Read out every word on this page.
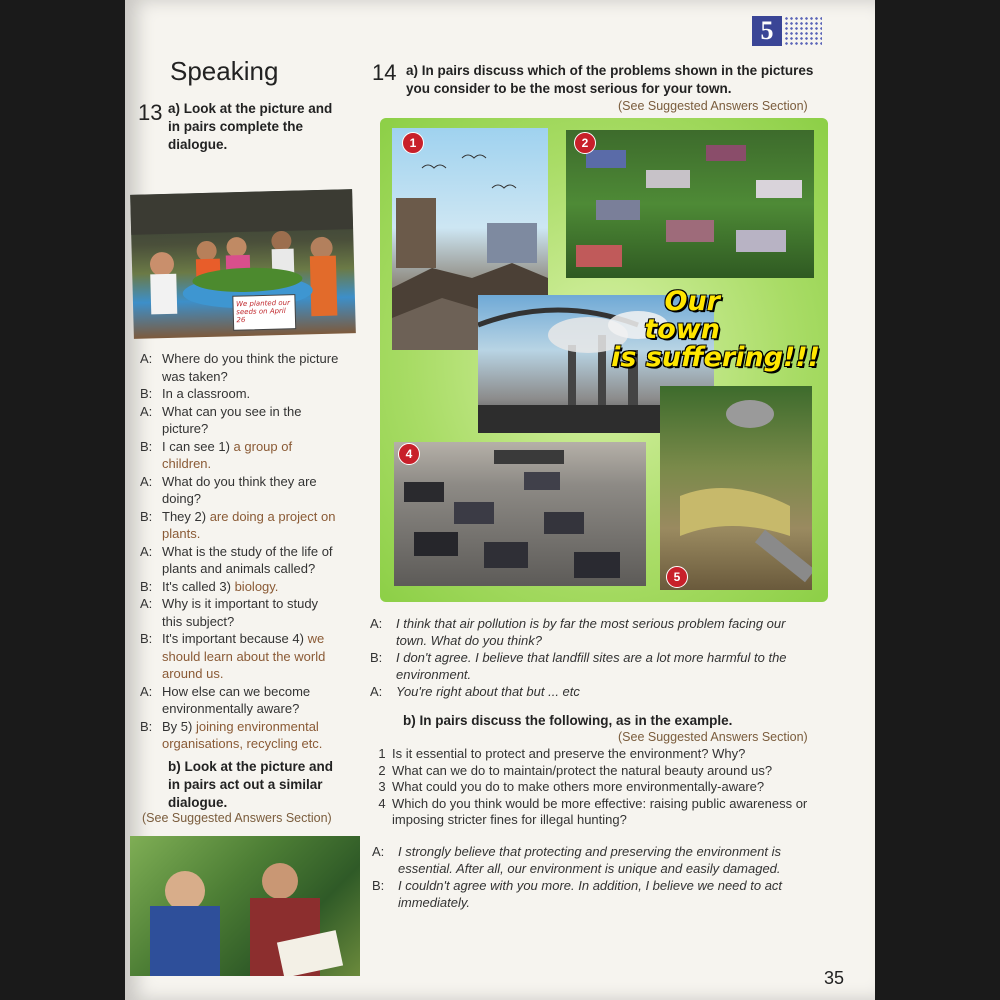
5
Speaking
13 a) Look at the picture and in pairs complete the dialogue.
We planted our seeds on April 26
A: Where do you think the picture was taken?
B: In a classroom.
A: What can you see in the picture?
B: I can see 1) a group of children.
A: What do you think they are doing?
B: They 2) are doing a project on plants.
A: What is the study of the life of plants and animals called?
B: It's called 3) biology.
A: Why is it important to study this subject?
B: It's important because 4) we should learn about the world around us.
A: How else can we become environmentally aware?
B: By 5) joining environmental organisations, recycling etc.
b) Look at the picture and in pairs act out a similar dialogue.
(See Suggested Answers Section)
14 a) In pairs discuss which of the problems shown in the pictures you consider to be the most serious for your town.
(See Suggested Answers Section)
1	2
Our town
is suffering!!!
4
5
A:	I think that air pollution is by far the most serious problem facing our town. What do you think?
B:	I don't agree. I believe that landfill sites are a lot more harmful to the environment.
A:	You're right about that but ... etc
b) In pairs discuss the following, as in the example.
(See Suggested Answers Section)
1 Is it essential to protect and preserve the environment? Why?
2 What can we do to maintain/protect the natural beauty around us?
3 What could you do to make others more environmentally-aware?
4 Which do you think would be more effective: raising public awareness or imposing stricter fines for illegal hunting?
A:	I strongly believe that protecting and preserving the environment is essential. After all, our environment is unique and easily damaged.
B:	I couldn't agree with you more. In addition, I believe we need to act immediately.
35
